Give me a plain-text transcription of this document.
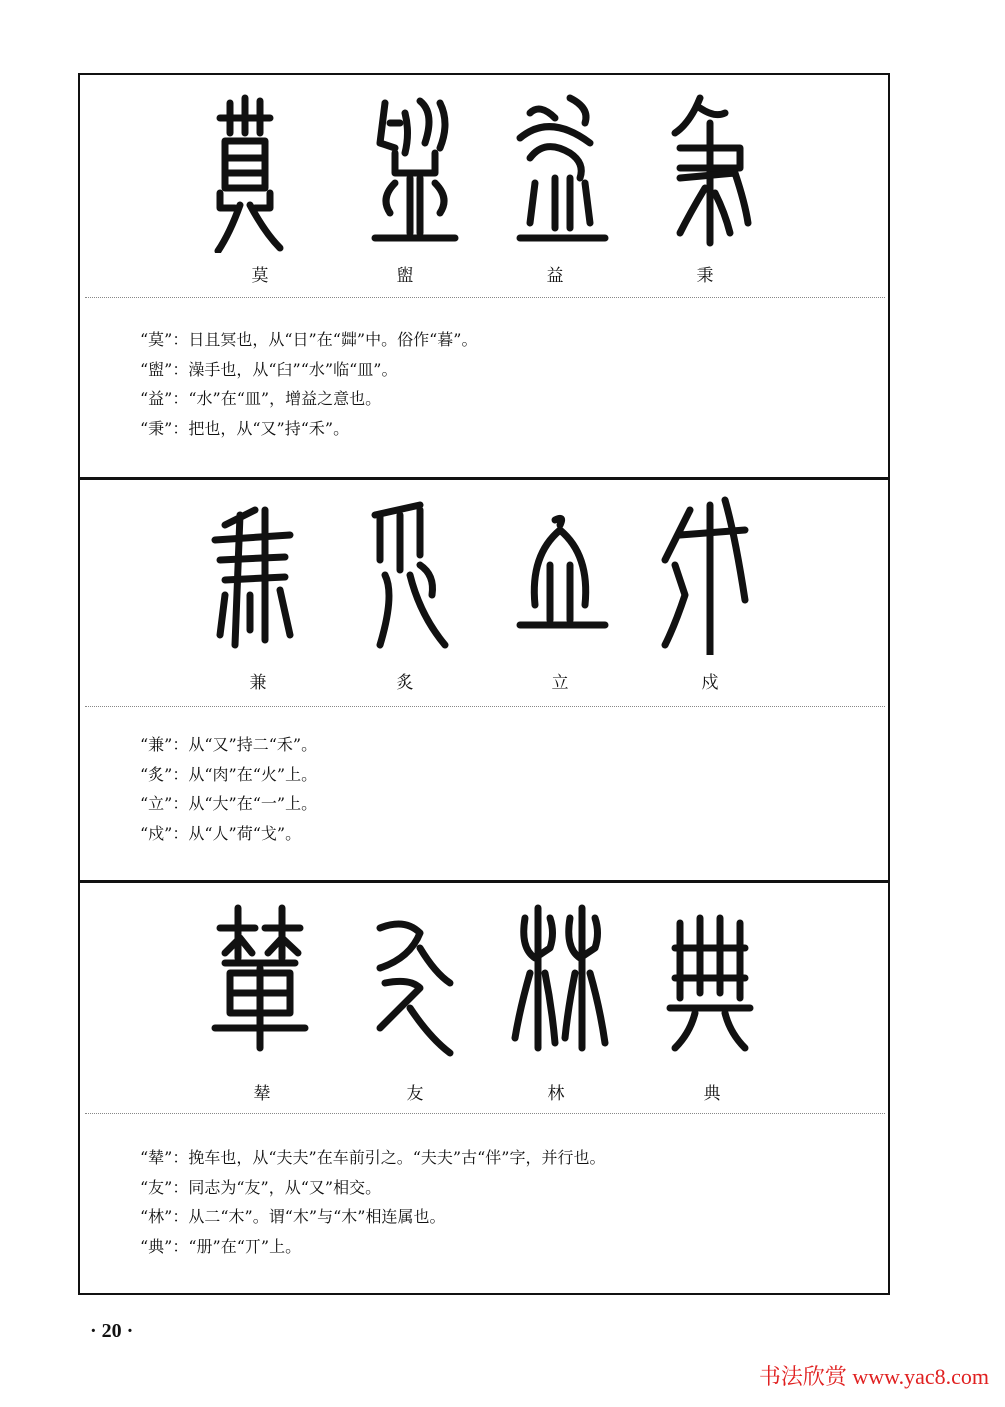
莫	盥	益	秉
“莫”：日且冥也，从“日”在“茻”中。俗作“暮”。
“盥”：澡手也，从“臼”“水”临“皿”。
“益”：“水”在“皿”，增益之意也。
“秉”：把也，从“又”持“禾”。
兼	炙	立	戍
“兼”：从“又”持二“禾”。
“炙”：从“肉”在“火”上。
“立”：从“大”在“一”上。
“戍”：从“人”荷“戈”。
辇	友	林	典
“辇”：挽车也，从“夫夫”在车前引之。“夫夫”古“伴”字，并行也。
“友”：同志为“友”，从“又”相交。
“林”：从二“木”。谓“木”与“木”相连属也。
“典”：“册”在“丌”上。
· 20 ·
书法欣赏 www.yac8.com
